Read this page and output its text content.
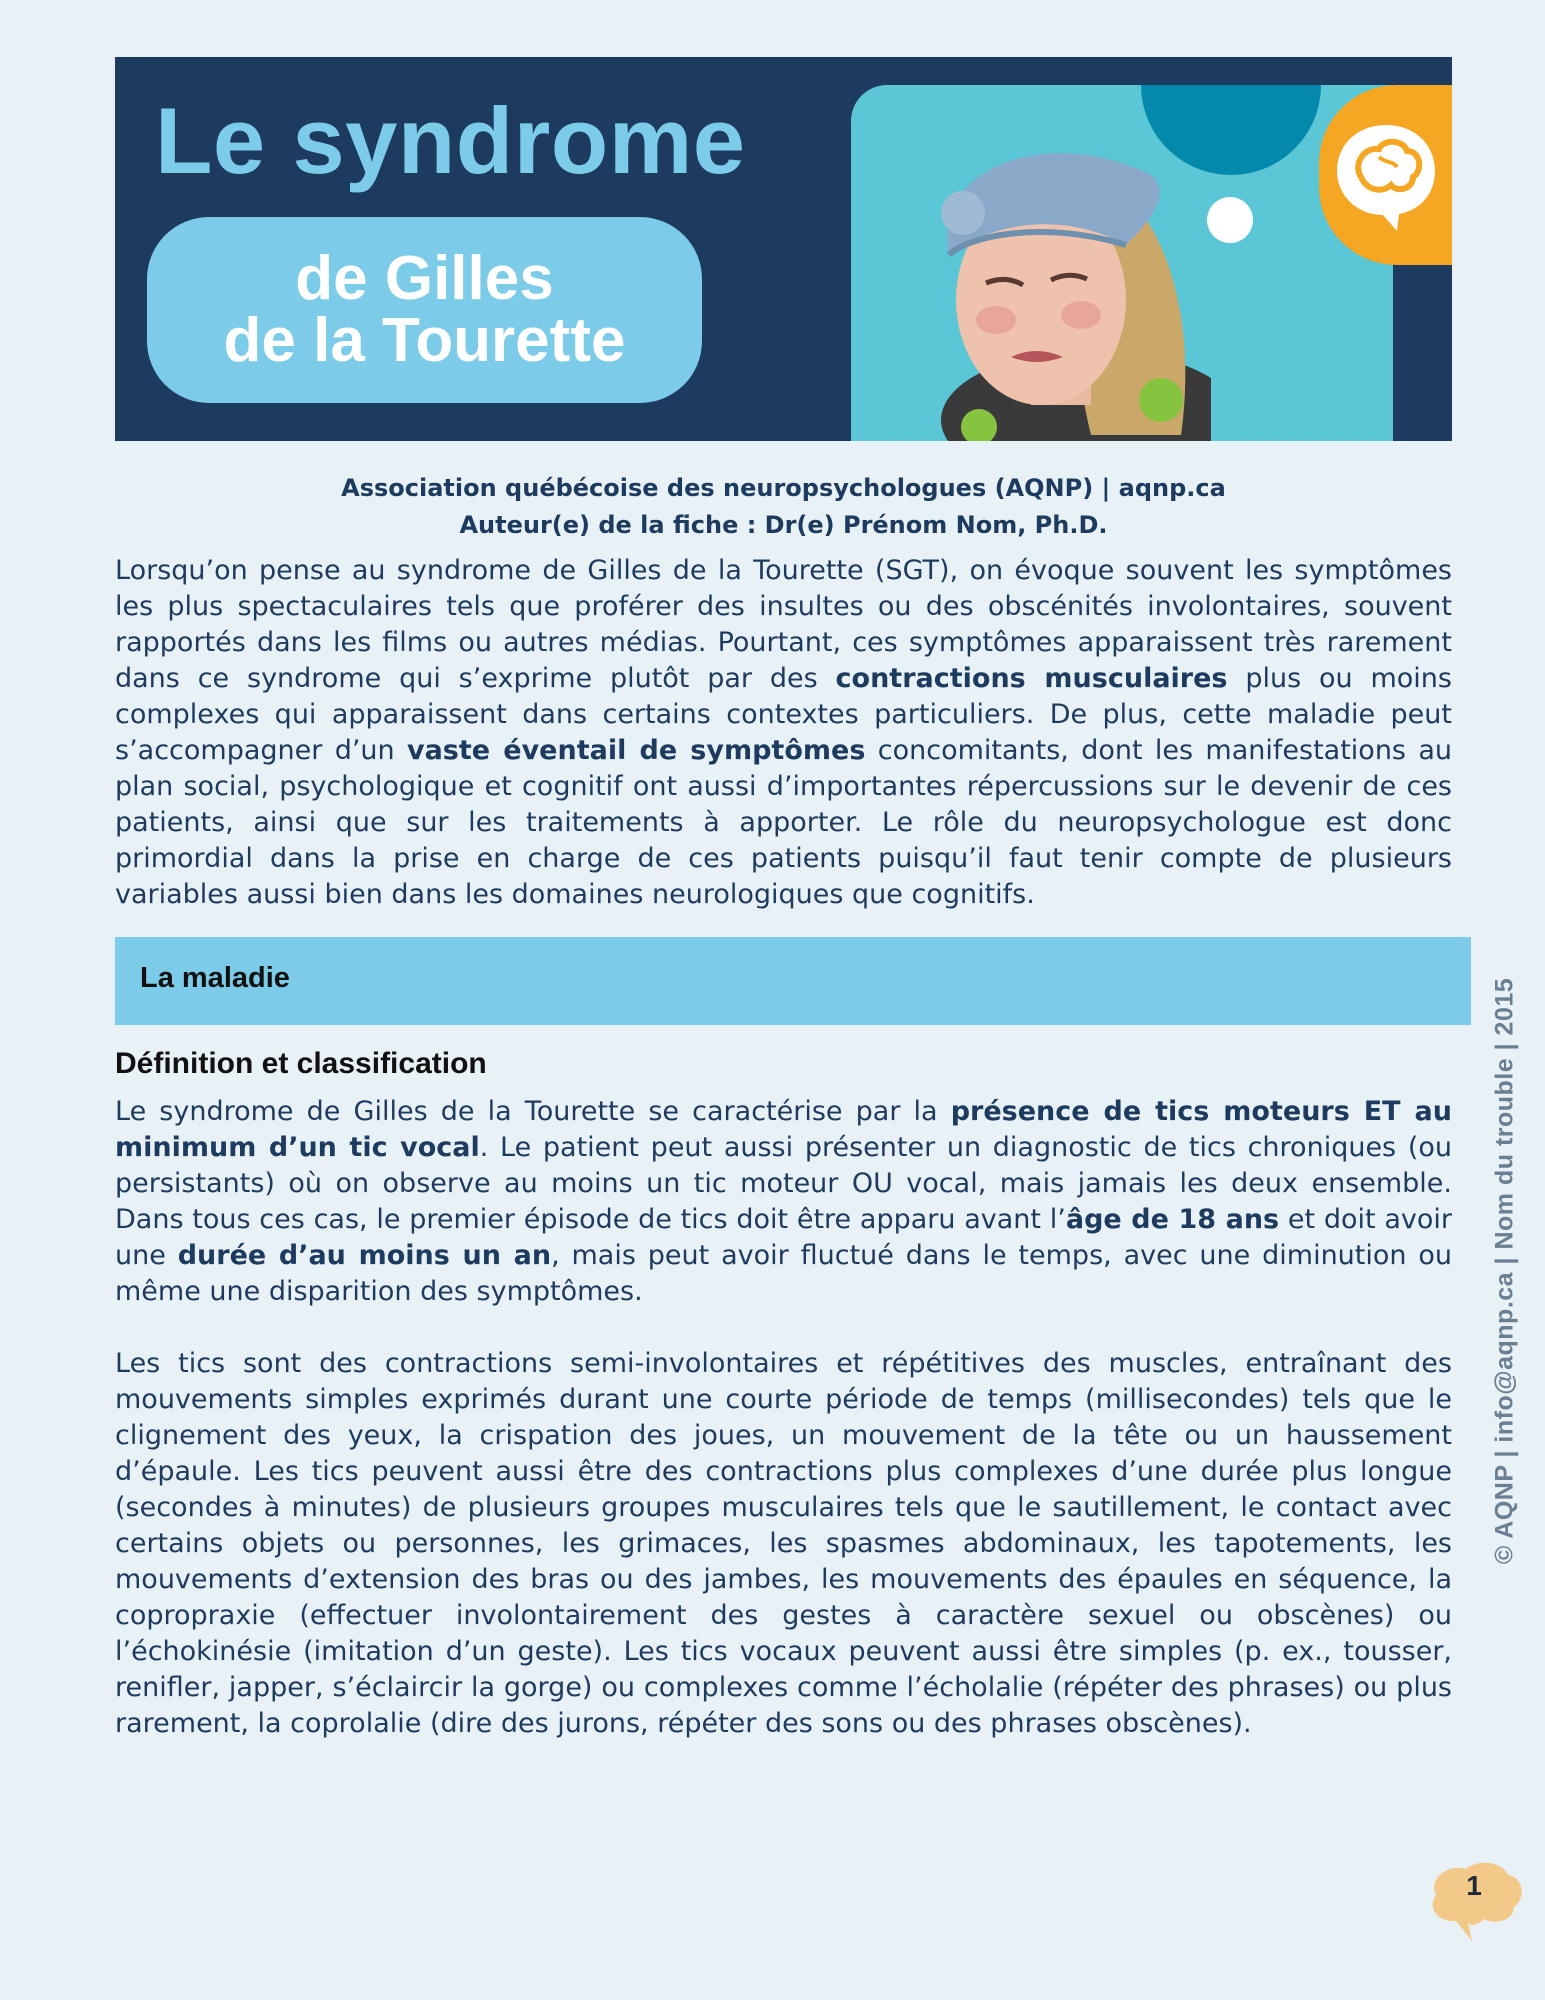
Le syndrome
de Gilles
de la Tourette
Association québécoise des neuropsychologues (AQNP) | aqnp.ca
Auteur(e) de la fiche : Dr(e) Prénom Nom, Ph.D.

Lorsqu’on pense au syndrome de Gilles de la Tourette (SGT), on évoque souvent les symptômes les plus spectaculaires tels que proférer des insultes ou des obscénités involontaires, souvent rapportés dans les films ou autres médias. Pourtant, ces symptômes apparaissent très rarement dans ce syndrome qui s’exprime plutôt par des contractions musculaires plus ou moins complexes qui apparaissent dans certains contextes particuliers. De plus, cette maladie peut s’accompagner d’un vaste éventail de symptômes concomitants, dont les manifestations au plan social, psychologique et cognitif ont aussi d’importantes répercussions sur le devenir de ces patients, ainsi que sur les traitements à apporter. Le rôle du neuropsychologue est donc primordial dans la prise en charge de ces patients puisqu’il faut tenir compte de plusieurs variables aussi bien dans les domaines neurologiques que cognitifs.

La maladie
Définition et classification

Le syndrome de Gilles de la Tourette se caractérise par la présence de tics moteurs ET au minimum d’un tic vocal. Le patient peut aussi présenter un diagnostic de tics chroniques (ou persistants) où on observe au moins un tic moteur OU vocal, mais jamais les deux ensemble. Dans tous ces cas, le premier épisode de tics doit être apparu avant l’âge de 18 ans et doit avoir une durée d’au moins un an, mais peut avoir fluctué dans le temps, avec une diminution ou même une disparition des symptômes.

Les tics sont des contractions semi-involontaires et répétitives des muscles, entraînant des mouvements simples exprimés durant une courte période de temps (millisecondes) tels que le clignement des yeux, la crispation des joues, un mouvement de la tête ou un haussement d’épaule. Les tics peuvent aussi être des contractions plus complexes d’une durée plus longue (secondes à minutes) de plusieurs groupes musculaires tels que le sautillement, le contact avec certains objets ou personnes, les grimaces, les spasmes abdominaux, les tapotements, les mouvements d’extension des bras ou des jambes, les mouvements des épaules en séquence, la copropraxie (effectuer involontairement des gestes à caractère sexuel ou obscènes) ou l’échokinésie (imitation d’un geste). Les tics vocaux peuvent aussi être simples (p. ex., tousser, renifler, japper, s’éclaircir la gorge) ou complexes comme l’écholalie (répéter des phrases) ou plus rarement, la coprolalie (dire des jurons, répéter des sons ou des phrases obscènes).

© AQNP | info@aqnp.ca | Nom du trouble | 2015
1
